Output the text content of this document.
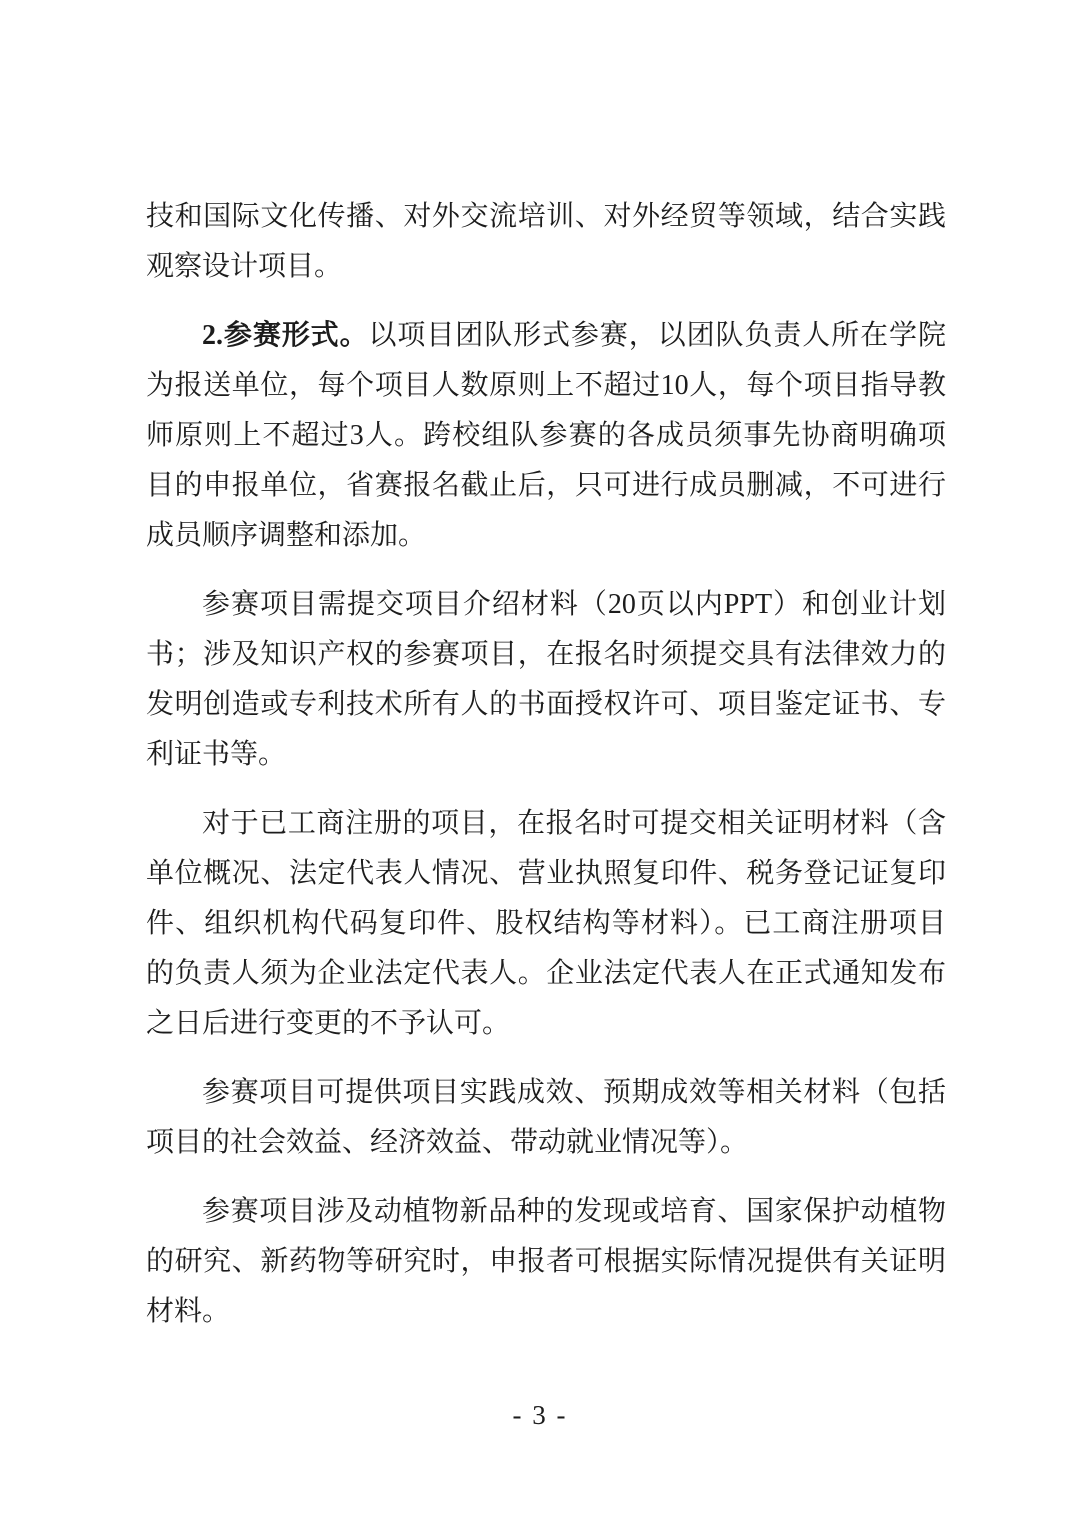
技和国际文化传播、对外交流培训、对外经贸等领域，结合实践
观察设计项目。
2.参赛形式。以项目团队形式参赛，以团队负责人所在学院
为报送单位，每个项目人数原则上不超过10人，每个项目指导教
师原则上不超过3人。跨校组队参赛的各成员须事先协商明确项
目的申报单位，省赛报名截止后，只可进行成员删减，不可进行
成员顺序调整和添加。
参赛项目需提交项目介绍材料（20页以内PPT）和创业计划
书；涉及知识产权的参赛项目，在报名时须提交具有法律效力的
发明创造或专利技术所有人的书面授权许可、项目鉴定证书、专
利证书等。
对于已工商注册的项目，在报名时可提交相关证明材料（含
单位概况、法定代表人情况、营业执照复印件、税务登记证复印
件、组织机构代码复印件、股权结构等材料）。已工商注册项目
的负责人须为企业法定代表人。企业法定代表人在正式通知发布
之日后进行变更的不予认可。
参赛项目可提供项目实践成效、预期成效等相关材料（包括
项目的社会效益、经济效益、带动就业情况等）。
参赛项目涉及动植物新品种的发现或培育、国家保护动植物
的研究、新药物等研究时，申报者可根据实际情况提供有关证明
材料。
- 3 -
